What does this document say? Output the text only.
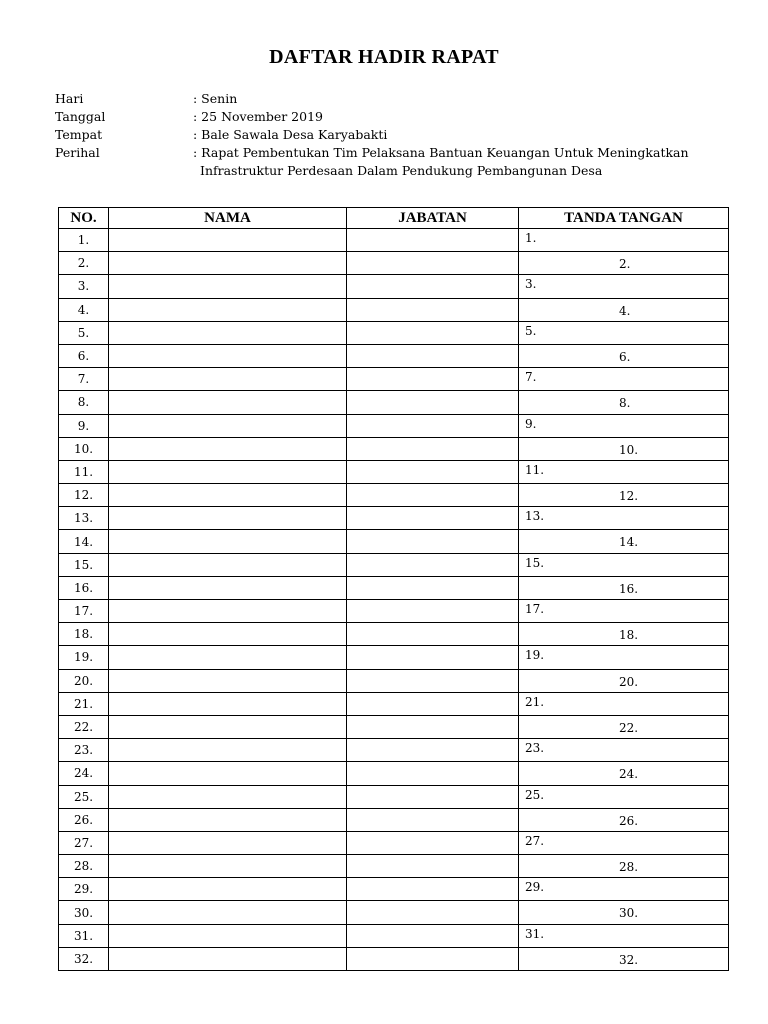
DAFTAR HADIR RAPAT
Hari	: Senin
Tanggal	: 25 November 2019
Tempat	: Bale Sawala Desa Karyabakti
Perihal	: Rapat Pembentukan Tim Pelaksana Bantuan Keuangan Untuk Meningkatkan
Infrastruktur Perdesaan Dalam Pendukung Pembangunan Desa
NO.	NAMA	JABATAN	TANDA TANGAN
1.			1.

2.			2.

3.			3.

4.			4.

5.			5.

6.			6.

7.			7.

8.			8.

9.			9.

10.			10.

11.			11.

12.			12.

13.			13.

14.			14.

15.			15.

16.			16.

17.			17.

18.			18.

19.			19.

20.			20.

21.			21.

22.			22.

23.			23.

24.			24.

25.			25.

26.			26.

27.			27.

28.			28.

29.			29.

30.			30.

31.			31.

32.			32.
